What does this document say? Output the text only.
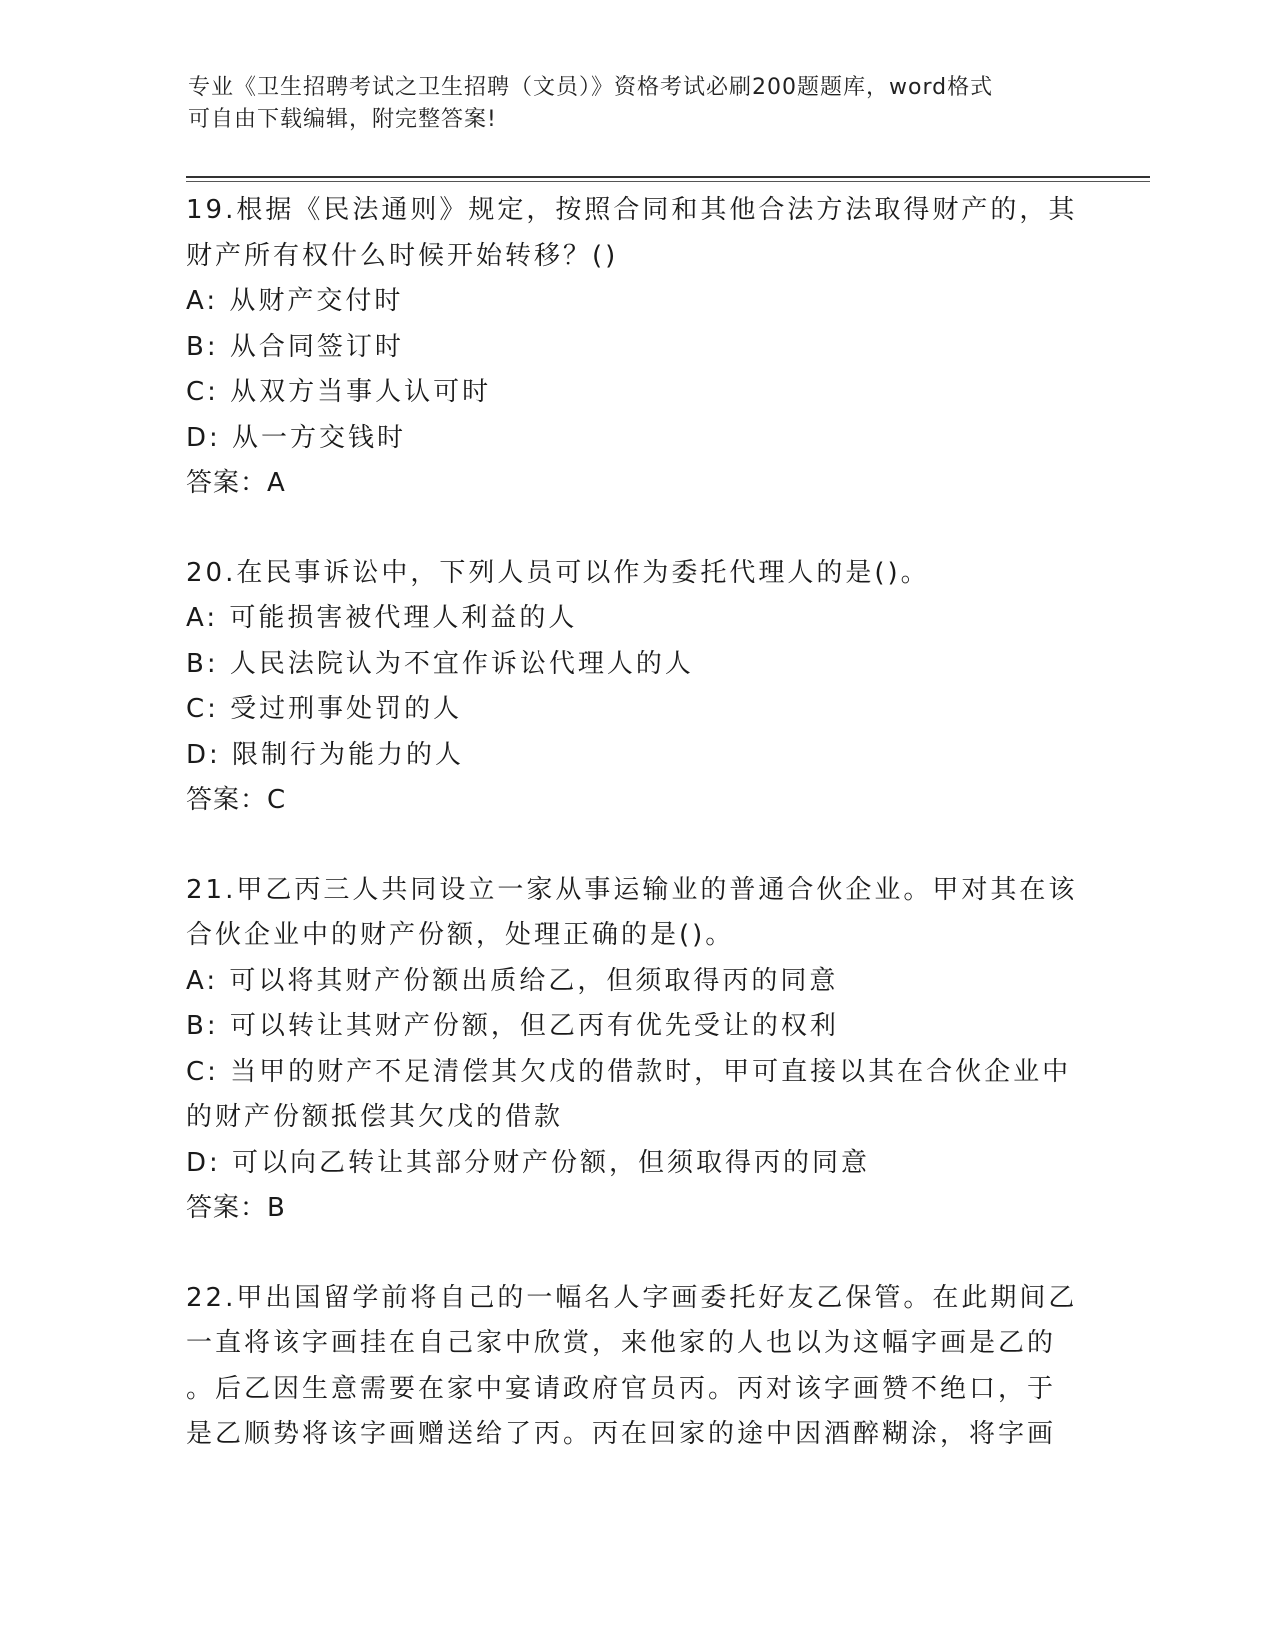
专业《卫生招聘考试之卫生招聘（文员）》资格考试必刷200题题库，word格式
可自由下载编辑，附完整答案!
19.根据《民法通则》规定，按照合同和其他合法方法取得财产的，其
财产所有权什么时候开始转移？()
A: 从财产交付时
B: 从合同签订时
C: 从双方当事人认可时
D: 从一方交钱时
答案：A
20.在民事诉讼中，下列人员可以作为委托代理人的是()。
A: 可能损害被代理人利益的人
B: 人民法院认为不宜作诉讼代理人的人
C: 受过刑事处罚的人
D: 限制行为能力的人
答案：C
21.甲乙丙三人共同设立一家从事运输业的普通合伙企业。甲对其在该
合伙企业中的财产份额，处理正确的是()。
A: 可以将其财产份额出质给乙，但须取得丙的同意
B: 可以转让其财产份额，但乙丙有优先受让的权利
C: 当甲的财产不足清偿其欠戊的借款时，甲可直接以其在合伙企业中
的财产份额抵偿其欠戊的借款
D: 可以向乙转让其部分财产份额，但须取得丙的同意
答案：B
22.甲出国留学前将自己的一幅名人字画委托好友乙保管。在此期间乙
一直将该字画挂在自己家中欣赏，来他家的人也以为这幅字画是乙的
。后乙因生意需要在家中宴请政府官员丙。丙对该字画赞不绝口，于
是乙顺势将该字画赠送给了丙。丙在回家的途中因酒醉糊涂，将字画
